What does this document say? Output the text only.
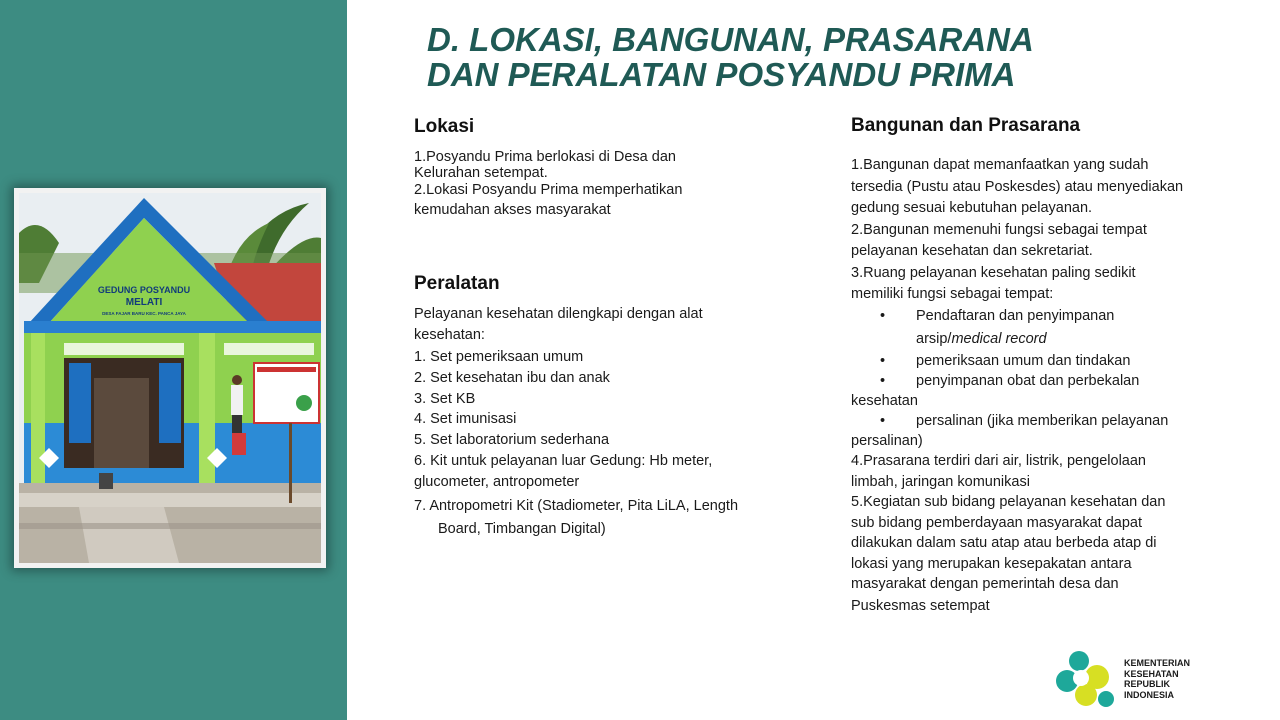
GEDUNG POSYANDU
MELATI
DESA FAJAR BARU KEC. PANCA JAYA
D. LOKASI, BANGUNAN, PRASARANA
DAN PERALATAN POSYANDU PRIMA
Lokasi
1.Posyandu Prima berlokasi di Desa dan
Kelurahan setempat.
2.Lokasi Posyandu Prima memperhatikan
kemudahan akses masyarakat
Peralatan
Pelayanan kesehatan dilengkapi dengan alat
kesehatan:
1. Set pemeriksaan umum
2. Set kesehatan ibu dan anak
3. Set KB
4. Set imunisasi
5. Set laboratorium sederhana
6. Kit untuk pelayanan luar Gedung: Hb meter,
glucometer, antropometer
7. Antropometri Kit (Stadiometer, Pita LiLA, Length
Board, Timbangan Digital)
Bangunan dan Prasarana
1.Bangunan dapat memanfaatkan yang sudah
tersedia (Pustu atau Poskesdes) atau menyediakan
gedung sesuai kebutuhan pelayanan.
2.Bangunan memenuhi fungsi sebagai tempat
pelayanan kesehatan dan sekretariat.
3.Ruang pelayanan kesehatan paling sedikit
memiliki fungsi sebagai tempat:
• Pendaftaran dan penyimpanan
arsip/medical record
• pemeriksaan umum dan tindakan
• penyimpanan obat dan perbekalan
kesehatan
• persalinan (jika memberikan pelayanan
persalinan)
4.Prasarana terdiri dari air, listrik, pengelolaan
limbah, jaringan komunikasi
5.Kegiatan sub bidang pelayanan kesehatan dan
sub bidang pemberdayaan masyarakat dapat
dilakukan dalam satu atap atau berbeda atap di
lokasi yang merupakan kesepakatan antara
masyarakat dengan pemerintah desa dan
Puskesmas setempat
KEMENTERIAN
KESEHATAN
REPUBLIK
INDONESIA
